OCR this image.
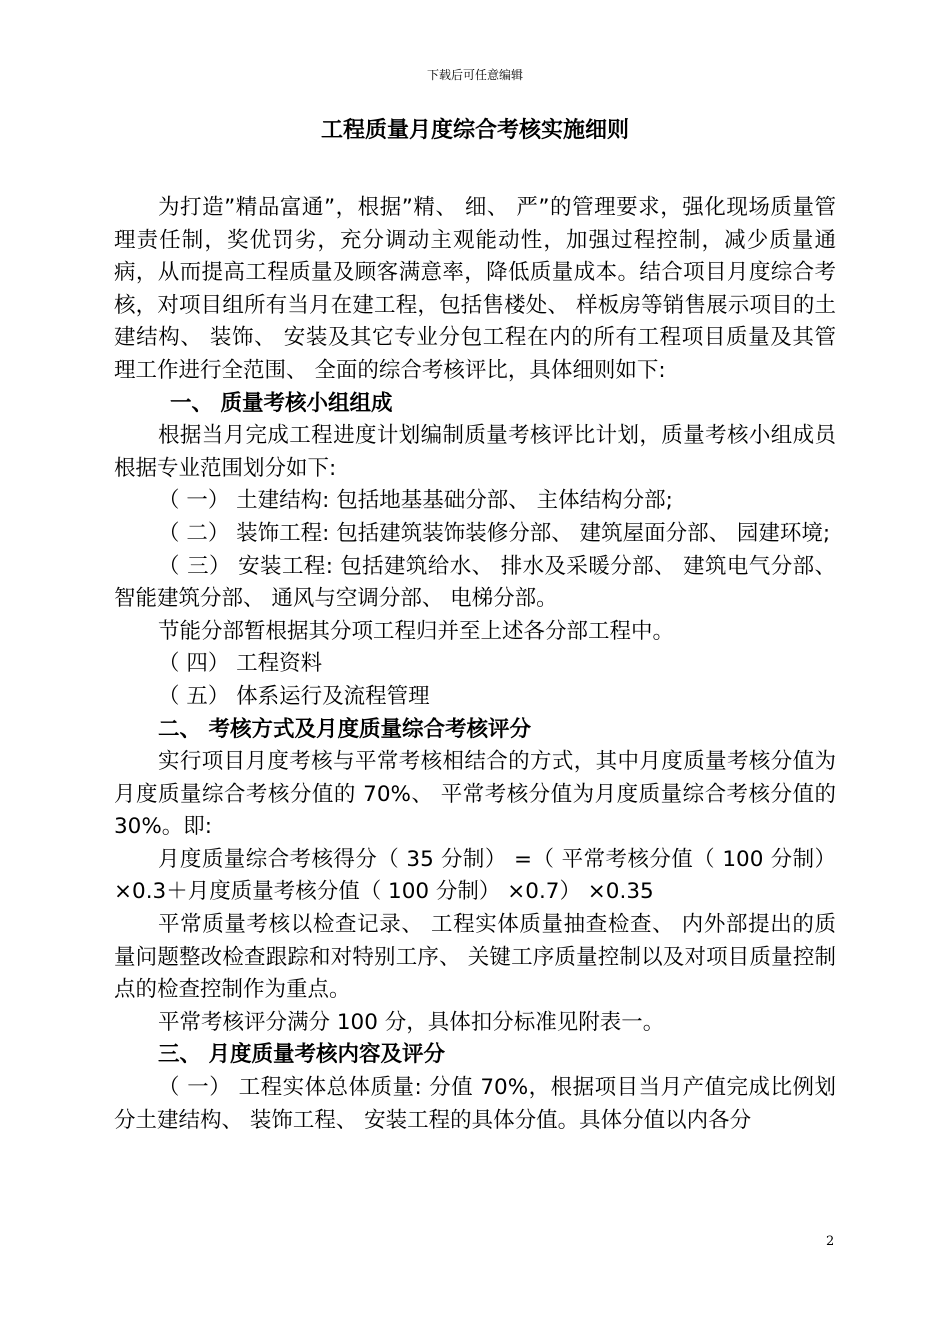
下载后可任意编辑
工程质量月度综合考核实施细则

为打造”精品富通”，根据”精、 细、 严”的管理要求，强化现场质量管理责任制，奖优罚劣，充分调动主观能动性，加强过程控制，减少质量通病，从而提高工程质量及顾客满意率，降低质量成本。结合项目月度综合考核，对项目组所有当月在建工程，包括售楼处、 样板房等销售展示项目的土建结构、 装饰、 安装及其它专业分包工程在内的所有工程项目质量及其管理工作进行全范围、 全面的综合考核评比，具体细则如下:

一、 质量考核小组组成

根据当月完成工程进度计划编制质量考核评比计划，质量考核小组成员根据专业范围划分如下:

（ 一） 土建结构: 包括地基基础分部、 主体结构分部;

（ 二） 装饰工程: 包括建筑装饰装修分部、 建筑屋面分部、 园建环境;

（ 三） 安装工程: 包括建筑给水、 排水及采暖分部、 建筑电气分部、 智能建筑分部、 通风与空调分部、 电梯分部。

节能分部暂根据其分项工程归并至上述各分部工程中。

（ 四） 工程资料

（ 五） 体系运行及流程管理

二、 考核方式及月度质量综合考核评分

实行项目月度考核与平常考核相结合的方式，其中月度质量考核分值为月度质量综合考核分值的 70%、 平常考核分值为月度质量综合考核分值的 30%。即:

月度质量综合考核得分（ 35 分制） =（ 平常考核分值（ 100 分制） ×0.3＋月度质量考核分值（ 100 分制） ×0.7） ×0.35

平常质量考核以检查记录、 工程实体质量抽查检查、 内外部提出的质量问题整改检查跟踪和对特别工序、 关键工序质量控制以及对项目质量控制点的检查控制作为重点。

平常考核评分满分 100 分，具体扣分标准见附表一。

三、 月度质量考核内容及评分

（ 一） 工程实体总体质量: 分值 70%，根据项目当月产值完成比例划分土建结构、 装饰工程、 安装工程的具体分值。具体分值以内各分

2
